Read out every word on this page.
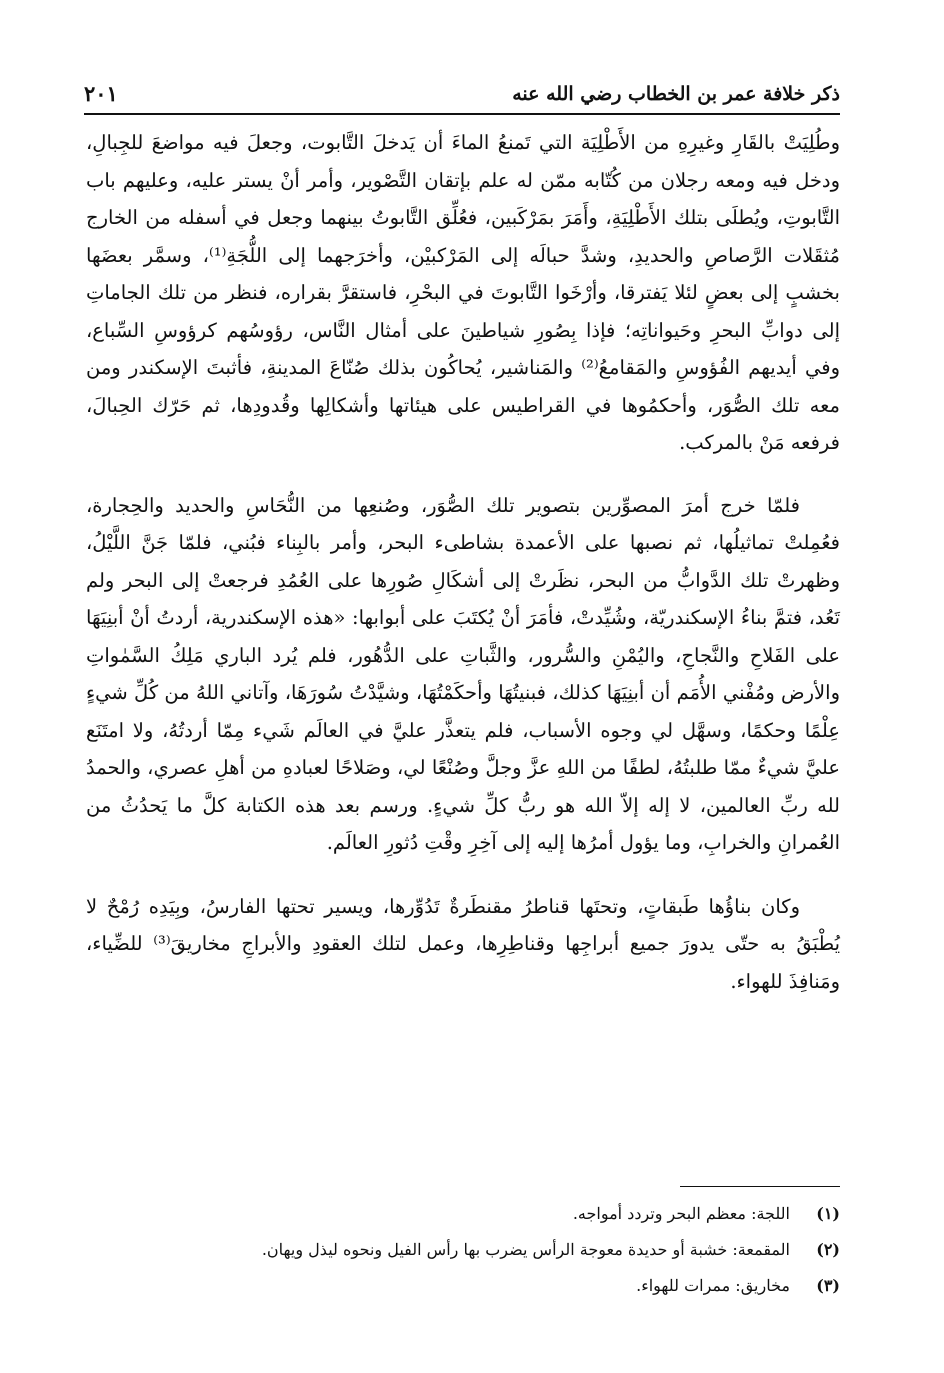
ذكر خلافة عمر بن الخطاب رضي الله عنه
٢٠١

وطُلِيَتْ بالقَارِ وغيرِهِ من الأَطْلِيَة التي تَمنعُ الماءَ أن يَدخلَ التَّابوت، وجعلَ فيه مواضعَ للجِبالِ، ودخل فيه ومعه رجلان من كُتّابه ممّن له علم بإتقان التَّصْوير، وأمر أنْ يستر عليه، وعليهم باب التَّابوتِ، ويُطلَى بتلك الأَطْلِيَةِ، وأَمَرَ بمَرْكَبين، فعُلِّق التَّابوتُ بينهما وجعل في أسفله من الخارج مُثقَلات الرَّصاصِ والحديدِ، وشدَّ حبالَه إلى المَرْكبيْن، وأخرَجهما إلى اللُّجَةِ⁽¹⁾، وسمَّر بعضَها بخشبٍ إلى بعضٍ لئلا يَفترقا، وأرْخَوا التَّابوتَ في البحْرِ، فاستقرَّ بقراره، فنظر من تلك الجاماتِ إلى دوابِّ البحرِ وحَيواناتِه؛ فإذا بِصُورِ شياطينَ على أمثال النَّاس، رؤوسُهم كرؤوسِ السِّباع، وفي أيديهم الفُؤوسِ والمَقامعُ⁽²⁾ والمَناشير، يُحاكُون بذلك صُنّاعَ المدينةِ، فأثبتَ الإسكندر ومن معه تلك الصُّوَر، وأحكمُوها في القراطيس على هيئاتها وأشكالِها وقُدودِها، ثم حَرّك الحِبالَ، فرفعه مَنْ بالمركب.

فلمّا خرج أمرَ المصوِّرين بتصوير تلك الصُّوَر، وصُنعِها من النُّحَاسِ والحديد والحِجارة، فعُمِلتْ تماثيلُها، ثم نصبها على الأعمدة بشاطىء البحر، وأمر بالبِناء فبُني، فلمّا جَنَّ اللَّيْلُ، وظهرتْ تلك الدَّوابُّ من البحر، نظَرتْ إلى أشكَالِ صُورِها على العُمُدِ فرجعتْ إلى البحر ولم تَعُد، فتمَّ بناءُ الإسكندريّة، وشُيِّدتْ، فأمَرَ أنْ يُكتَبَ على أبوابها: «هذه الإسكندرية، أردتُ أنْ أبنِيَهَا على الفَلاحِ والنَّجاحِ، واليُمْنِ والسُّرور، والثَّباتِ على الدُّهُور، فلم يُرد الباري مَلِكُ السَّمٰواتِ والأرض ومُفْني الأُمَم أن أبنِيَهَا كذلك، فبنيتُهَا وأحكَمْتُهَا، وشيَّدْتُ سُورَهَا، وآتاني اللهُ من كُلِّ شيءٍ عِلْمًا وحكمًا، وسهَّل لي وجوه الأسباب، فلم يتعذَّر عليَّ في العالَم شَيء مِمّا أردتُهُ، ولا امتَنَع عليَّ شيءٌ ممّا طلبتُهُ، لطفًا من اللهِ عزَّ وجلَّ وصُنْعًا لي، وصَلاحًا لعبادهِ من أهلِ عصري، والحمدُ لله ربِّ العالمين، لا إله إلاّ الله هو ربُّ كلِّ شيءٍ. ورسم بعد هذه الكتابة كلَّ ما يَحدُثُ من العُمرانِ والخرابِ، وما يؤول أمرُها إليه إلى آخِرِ وقْتِ دُثورِ العالَم.

وكان بناؤُها طَبقاتٍ، وتحتَها قناطرُ مقنطَرةٌ تَدُوِّرها، ويسير تحتها الفارسُ، وبِيَدِه رُمْحٌ لا يُطْبَقُ به حتّى يدورَ جميع أبراجِها وقناطِرِها، وعمل لتلك العقودِ والأبراجِ مخاريقَ⁽³⁾ للضِّياء، ومَنافِذَ للهواء.

(١)
اللجة: معظم البحر وتردد أمواجه.
(٢)
المقمعة: خشبة أو حديدة معوجة الرأس يضرب بها رأس الفيل ونحوه ليذل ويهان.
(٣)
مخاريق: ممرات للهواء.
